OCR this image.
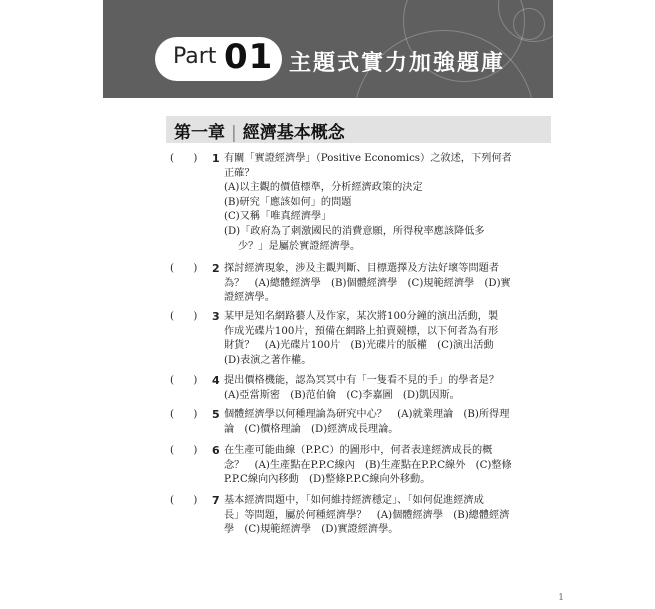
Part 01 主題式實力加強題庫
第一章 | 經濟基本概念
(      ) 1 有關「實證經濟學」（Positive Economics）之敘述，下列何者
正確？
(A)以主觀的價值標準，分析經濟政策的決定
(B)研究「應該如何」的問題
(C)又稱「唯真經濟學」
(D)「政府為了刺激國民的消費意願，所得稅率應該降低多
少？」是屬於實證經濟學。
(      ) 2 探討經濟現象，涉及主觀判斷、目標選擇及方法好壞等問題者
為？　(A)總體經濟學　(B)個體經濟學　(C)規範經濟學　(D)實
證經濟學。
(      ) 3 某甲是知名網路藝人及作家，某次將100分鐘的演出活動，製
作成光碟片100片，預備在網路上拍賣競標，以下何者為有形
財貨？　(A)光碟片100片　(B)光碟片的版權　(C)演出活動
(D)表演之著作權。
(      ) 4 提出價格機能，認為冥冥中有「一隻看不見的手」的學者是？
(A)亞當斯密　(B)范伯倫　(C)李嘉圖　(D)凱因斯。
(      ) 5 個體經濟學以何種理論為研究中心？　(A)就業理論　(B)所得理
論　(C)價格理論　(D)經濟成長理論。
(      ) 6 在生產可能曲線（P.P.C）的圖形中，何者表達經濟成長的概
念？　(A)生產點在P.P.C線內　(B)生產點在P.P.C線外　(C)整條
P.P.C線向內移動　(D)整條P.P.C線向外移動。
(      ) 7 基本經濟問題中，「如何維持經濟穩定」、「如何促進經濟成
長」等問題，屬於何種經濟學？　(A)個體經濟學　(B)總體經濟
學　(C)規範經濟學　(D)實證經濟學。
1
